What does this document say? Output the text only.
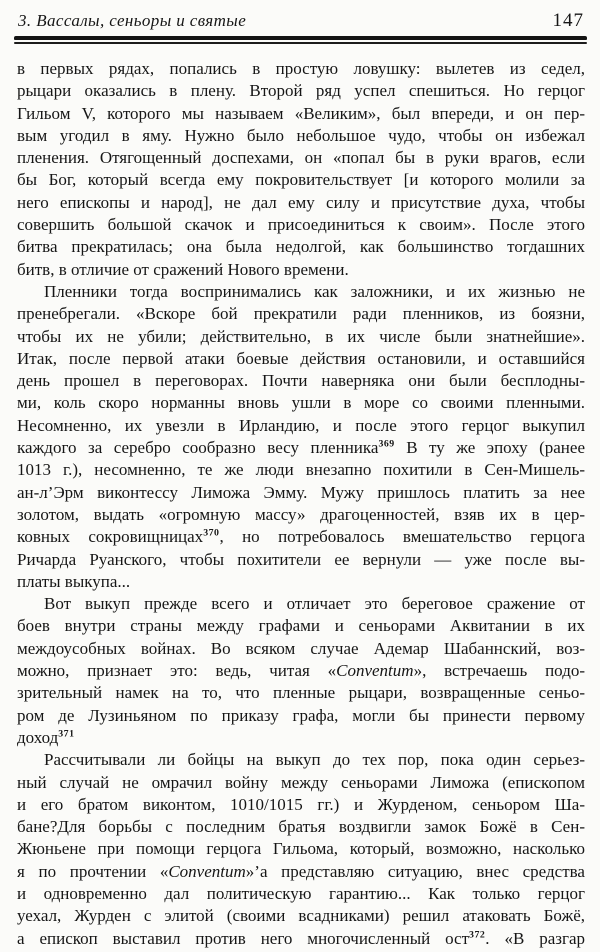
3. Вассалы, сеньоры и святые	147
в первых рядах, попались в простую ловушку: вылетев из седел,
рыцари оказались в плену. Второй ряд успел спешиться. Но герцог
Гильом V, которого мы называем «Великим», был впереди, и он пер-
вым угодил в яму. Нужно было небольшое чудо, чтобы он избежал
пленения. Отягощенный доспехами, он «попал бы в руки врагов, если
бы Бог, который всегда ему покровительствует [и которого молили за
него епископы и народ], не дал ему силу и присутствие духа, чтобы
совершить большой скачок и присоединиться к своим». После этого
битва прекратилась; она была недолгой, как большинство тогдашних
битв, в отличие от сражений Нового времени.
Пленники тогда воспринимались как заложники, и их жизнью не
пренебрегали. «Вскоре бой прекратили ради пленников, из боязни,
чтобы их не убили; действительно, в их числе были знатнейшие».
Итак, после первой атаки боевые действия остановили, и оставшийся
день прошел в переговорах. Почти наверняка они были бесплодны-
ми, коль скоро норманны вновь ушли в море со своими пленными.
Несомненно, их увезли в Ирландию, и после этого герцог выкупил
каждого за серебро сообразно весу пленника$^{369}$ В ту же эпоху (ранее
1013 г.), несомненно, те же люди внезапно похитили в Сен-Мишель-
ан-л’Эрм виконтессу Лиможа Эмму. Мужу пришлось платить за нее
золотом, выдать «огромную массу» драгоценностей, взяв их в цер-
ковных сокровищницах$^{370}$, но потребовалось вмешательство герцога
Ричарда Руанского, чтобы похитители ее вернули — уже после вы-
платы выкупа...
Вот выкуп прежде всего и отличает это береговое сражение от
боев внутри страны между графами и сеньорами Аквитании в их
междоусобных войнах. Во всяком случае Адемар Шабаннский, воз-
можно, признает это: ведь, читая «Conventum», встречаешь подо-
зрительный намек на то, что пленные рыцари, возвращенные сеньо-
ром де Лузиньяном по приказу графа, могли бы принести первому
доход$^{371}$
Рассчитывали ли бойцы на выкуп до тех пор, пока один серьез-
ный случай не омрачил войну между сеньорами Лиможа (епископом
и его братом виконтом, 1010/1015 гг.) и Журденом, сеньором Ша-
бане?Для борьбы с последним братья воздвигли замок Божё в Сен-
Жюньене при помощи герцога Гильома, который, возможно, насколько
я по прочтении «Conventum»’а представляю ситуацию, внес средства
и одновременно дал политическую гарантию... Как только герцог
уехал, Журден с элитой (своими всадниками) решил атаковать Божё,
а епископ выставил против него многочисленный ост$^{372}$. «В разгар
